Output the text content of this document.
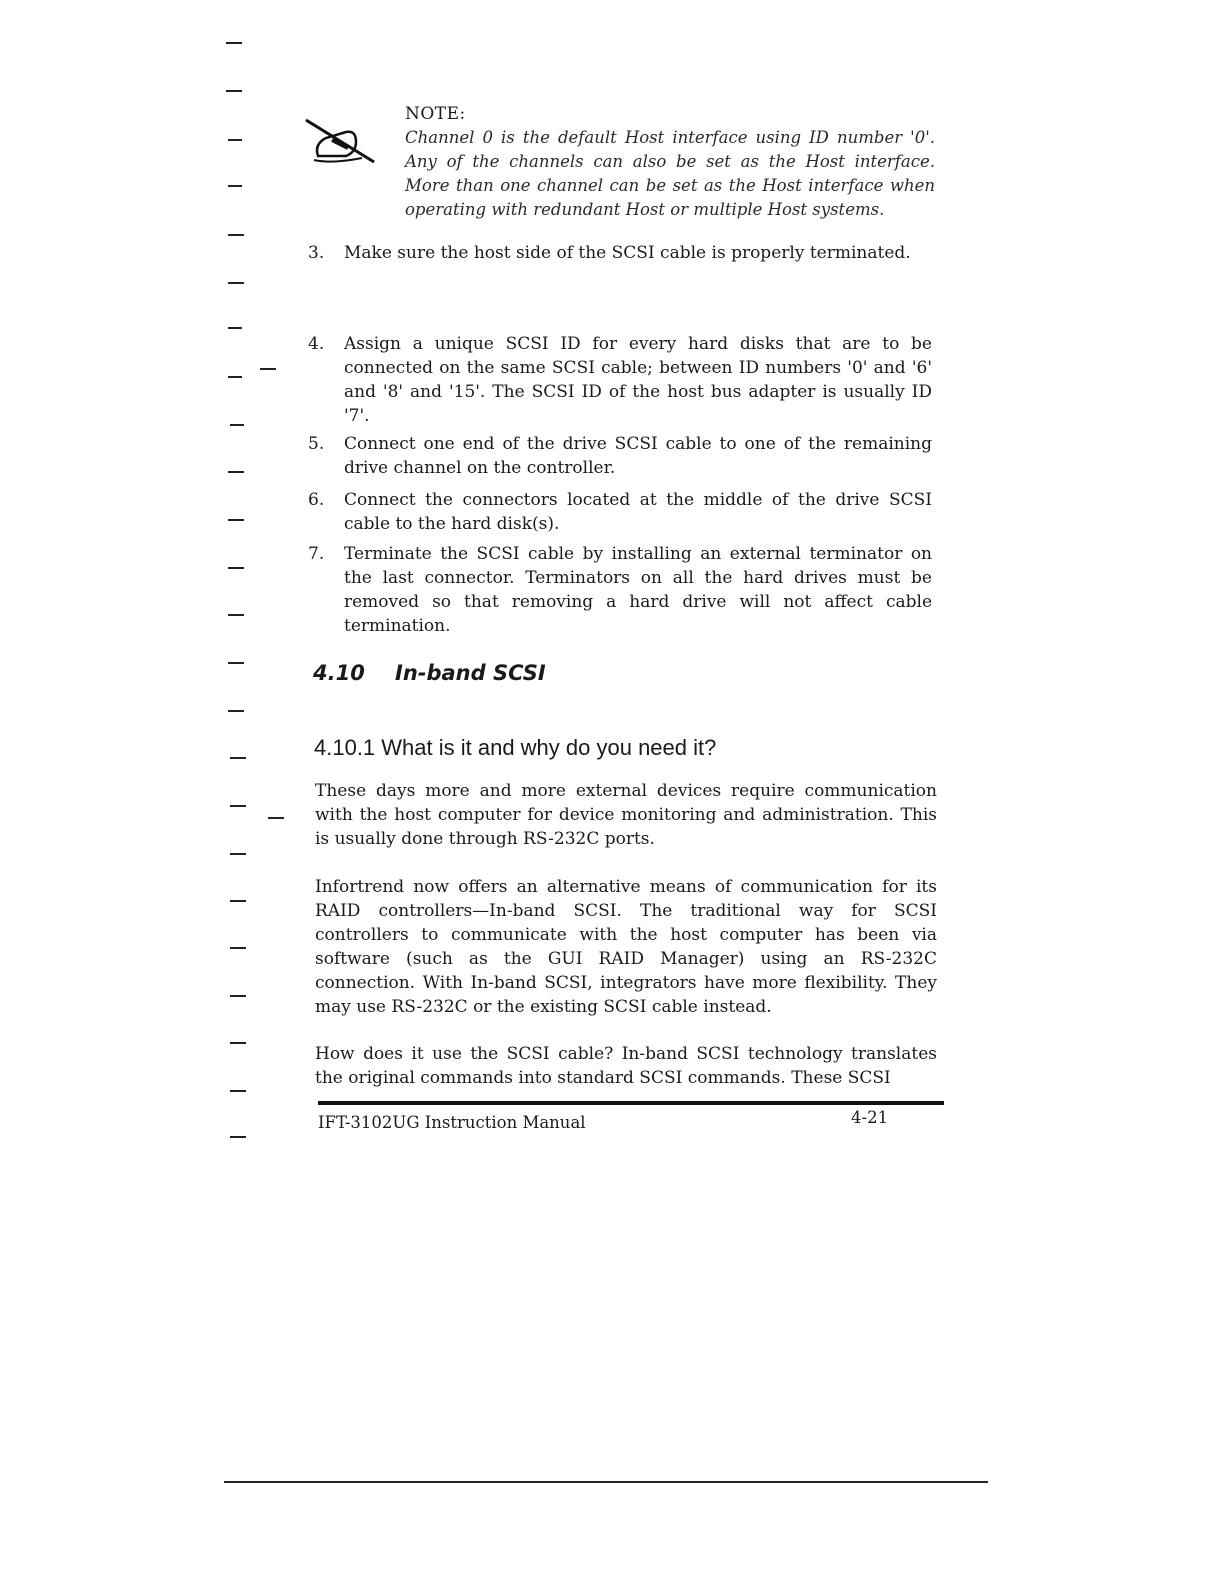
NOTE:

Channel 0 is the default Host interface using ID number '0'. Any of the channels can also be set as the Host interface. More than one channel can be set as the Host interface when operating with redundant Host or multiple Host systems.

3.	Make sure the host side of the SCSI cable is properly terminated.
4.	Assign a unique SCSI ID for every hard disks that are to be connected on the same SCSI cable; between ID numbers '0' and '6' and '8' and '15'. The SCSI ID of the host bus adapter is usually ID '7'.
5.	Connect one end of the drive SCSI cable to one of the remaining drive channel on the controller.
6.	Connect the connectors located at the middle of the drive SCSI cable to the hard disk(s).
7.	Terminate the SCSI cable by installing an external terminator on the last connector. Terminators on all the hard drives must be removed so that removing a hard drive will not affect cable termination.
4.10 In-band SCSI
4.10.1 What is it and why do you need it?

These days more and more external devices require communication with the host computer for device monitoring and administration. This is usually done through RS-232C ports.

Infortrend now offers an alternative means of communication for its RAID controllers—In-band SCSI. The traditional way for SCSI controllers to communicate with the host computer has been via software (such as the GUI RAID Manager) using an RS-232C connection. With In-band SCSI, integrators have more flexibility. They may use RS-232C or the existing SCSI cable instead.

How does it use the SCSI cable? In-band SCSI technology translates the original commands into standard SCSI commands. These SCSI

IFT-3102UG Instruction Manual	4-21
